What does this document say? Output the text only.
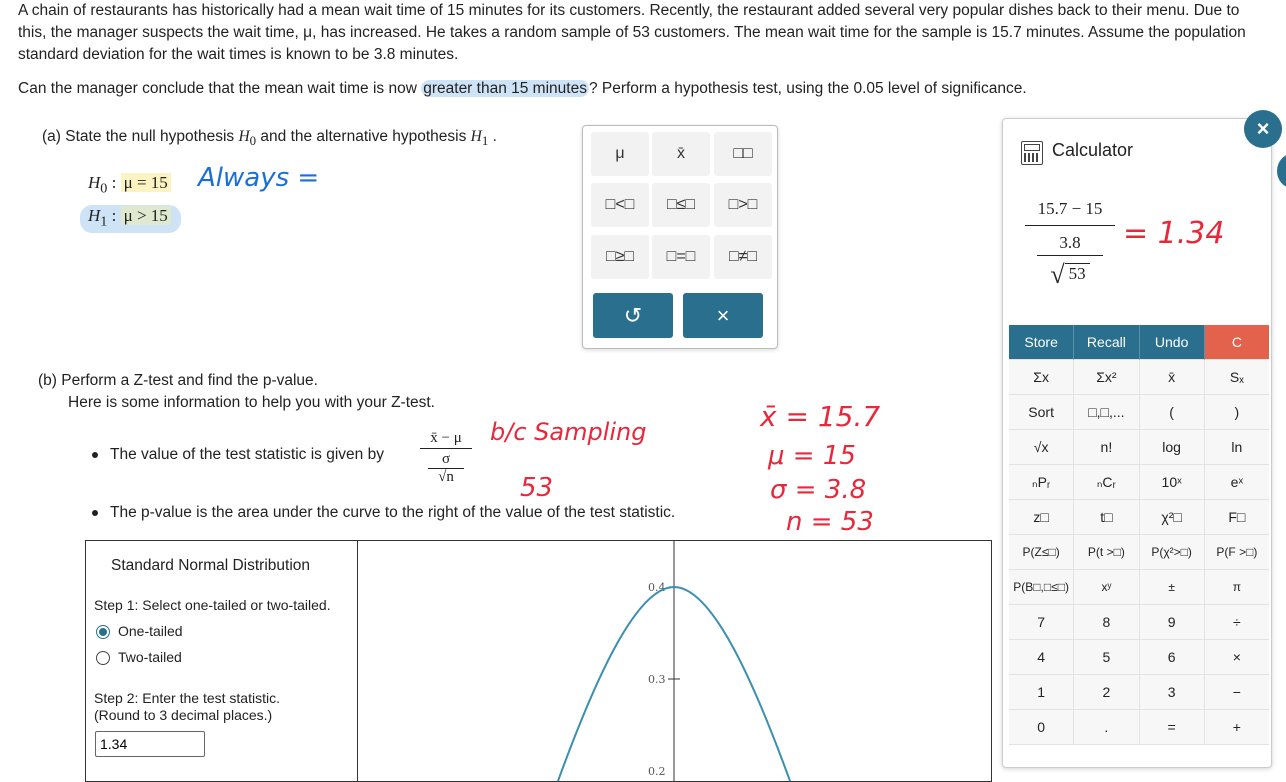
A chain of restaurants has historically had a mean wait time of 15 minutes for its customers. Recently, the restaurant added several very popular dishes back to their menu. Due to this, the manager suspects the wait time, μ, has increased. He takes a random sample of 53 customers. The mean wait time for the sample is 15.7 minutes. Assume the population standard deviation for the wait times is known to be 3.8 minutes.
Can the manager conclude that the mean wait time is now greater than 15 minutes ? Perform a hypothesis test, using the 0.05 level of significance.
(a) State the null hypothesis $H_0$ and the alternative hypothesis $H_1$ .
$H_0$ : μ = 15
$H_1$ : μ > 15
Always =
μ	x̄	□□
□<□	□≤□	□>□
□≥□	□=□	□≠□
↺	×
(b) Perform a Z-test and find the p-value.
Here is some information to help you with your Z-test.
The value of the test statistic is given by
x̄ − μ
σ
√n
The p-value is the area under the curve to the right of the value of the test statistic.
b/c Sampling
53
x̄ = 15.7
μ = 15
σ = 3.8
n = 53
Standard Normal Distribution
Step 1: Select one-tailed or two-tailed.
One-tailed
Two-tailed
Step 2: Enter the test statistic.
(Round to 3 decimal places.)
1.34
0.4
0.3
0.2
Calculator
15.7 − 15
3.8
√ 53
= 1.34
Store	Recall	Undo	C
Σx	Σx²	x̄	Sₓ
Sort	□,□,...	(	)
√x	n!	log	ln
ₙPᵣ	ₙCᵣ	10ˣ	eˣ
z□	t□	χ²□	F□
P(Z≤□)	P(t >□)	P(χ²>□)	P(F >□)
P(B□,□≤□)	xʸ	±	π
7	8	9	÷
4	5	6	×
1	2	3	−
0	.	=	+
×
